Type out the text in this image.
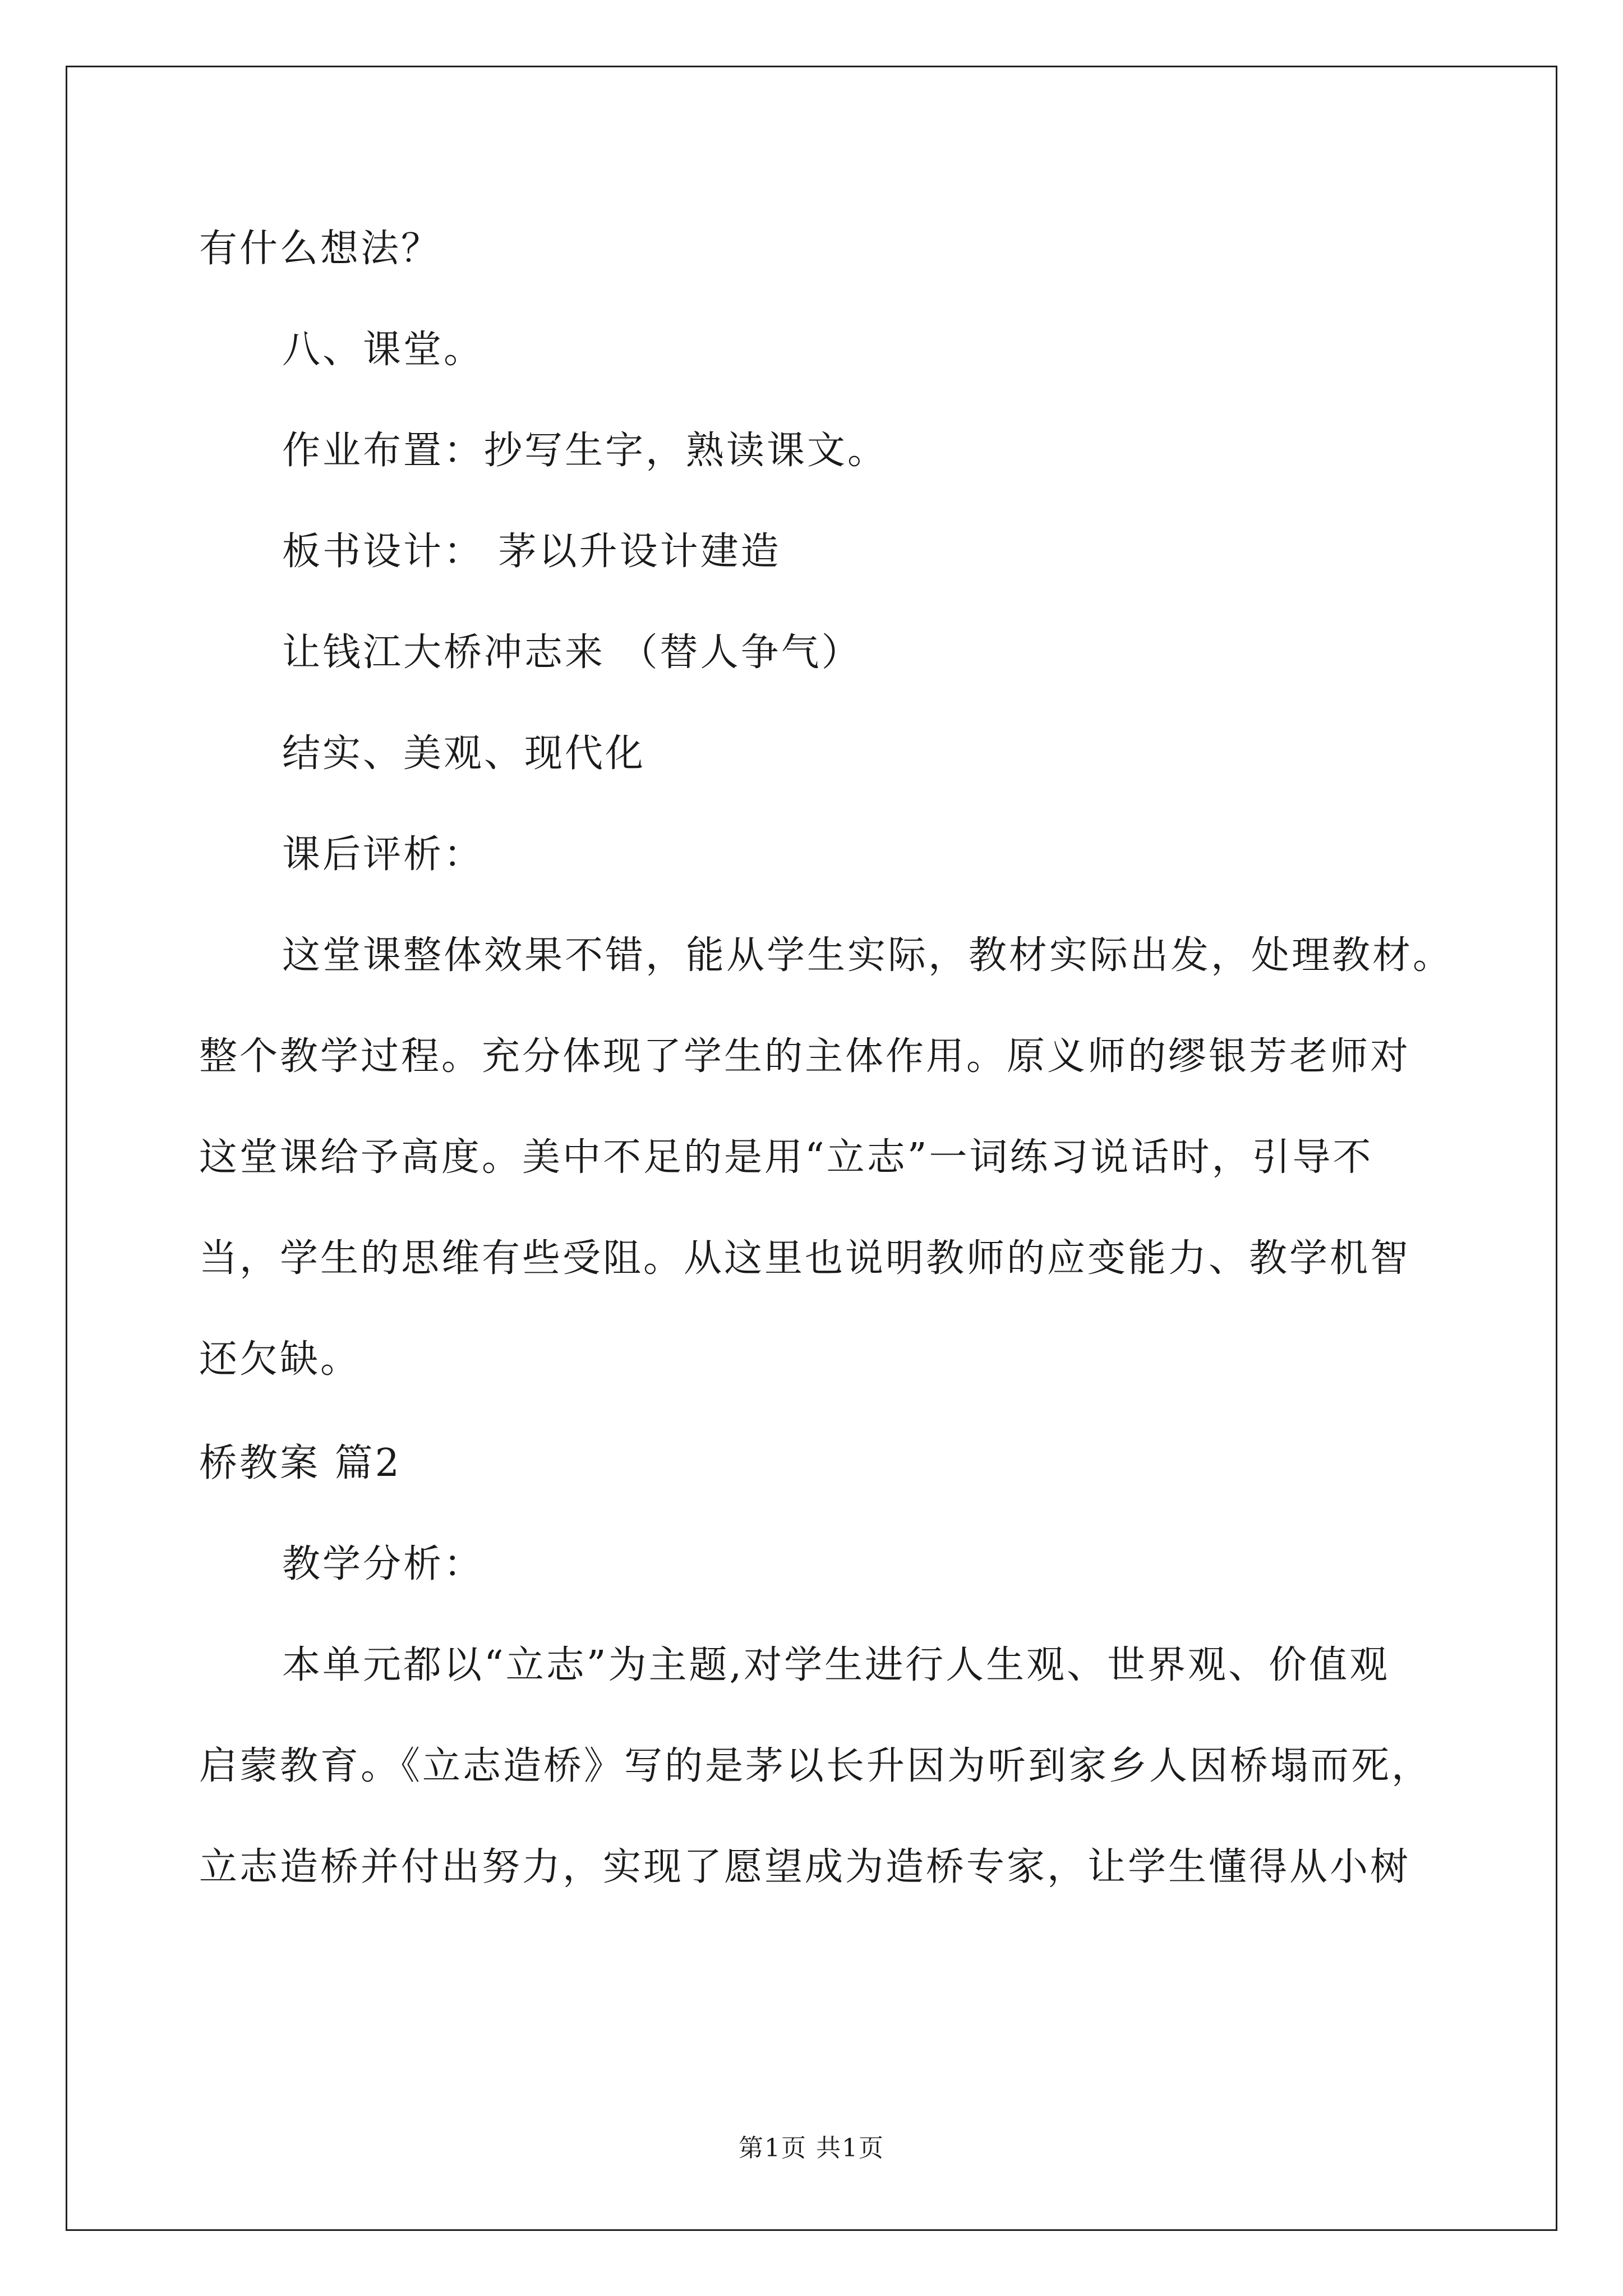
有什么想法？
八、课堂。
作业布置：抄写生字，熟读课文。
板书设计： 茅以升设计建造
让钱江大桥冲志来 （替人争气）
结实、美观、现代化
课后评析：
这堂课整体效果不错，能从学生实际，教材实际出发，处理教材。
整个教学过程。充分体现了学生的主体作用。原义师的缪银芳老师对
这堂课给予高度。美中不足的是用“立志”一词练习说话时，引导不
当，学生的思维有些受阻。从这里也说明教师的应变能力、教学机智
还欠缺。
桥教案 篇2
教学分析：
本单元都以“立志”为主题,对学生进行人生观、世界观、价值观
启蒙教育。《立志造桥》写的是茅以长升因为听到家乡人因桥塌而死，
立志造桥并付出努力，实现了愿望成为造桥专家，让学生懂得从小树
第1页 共1页
